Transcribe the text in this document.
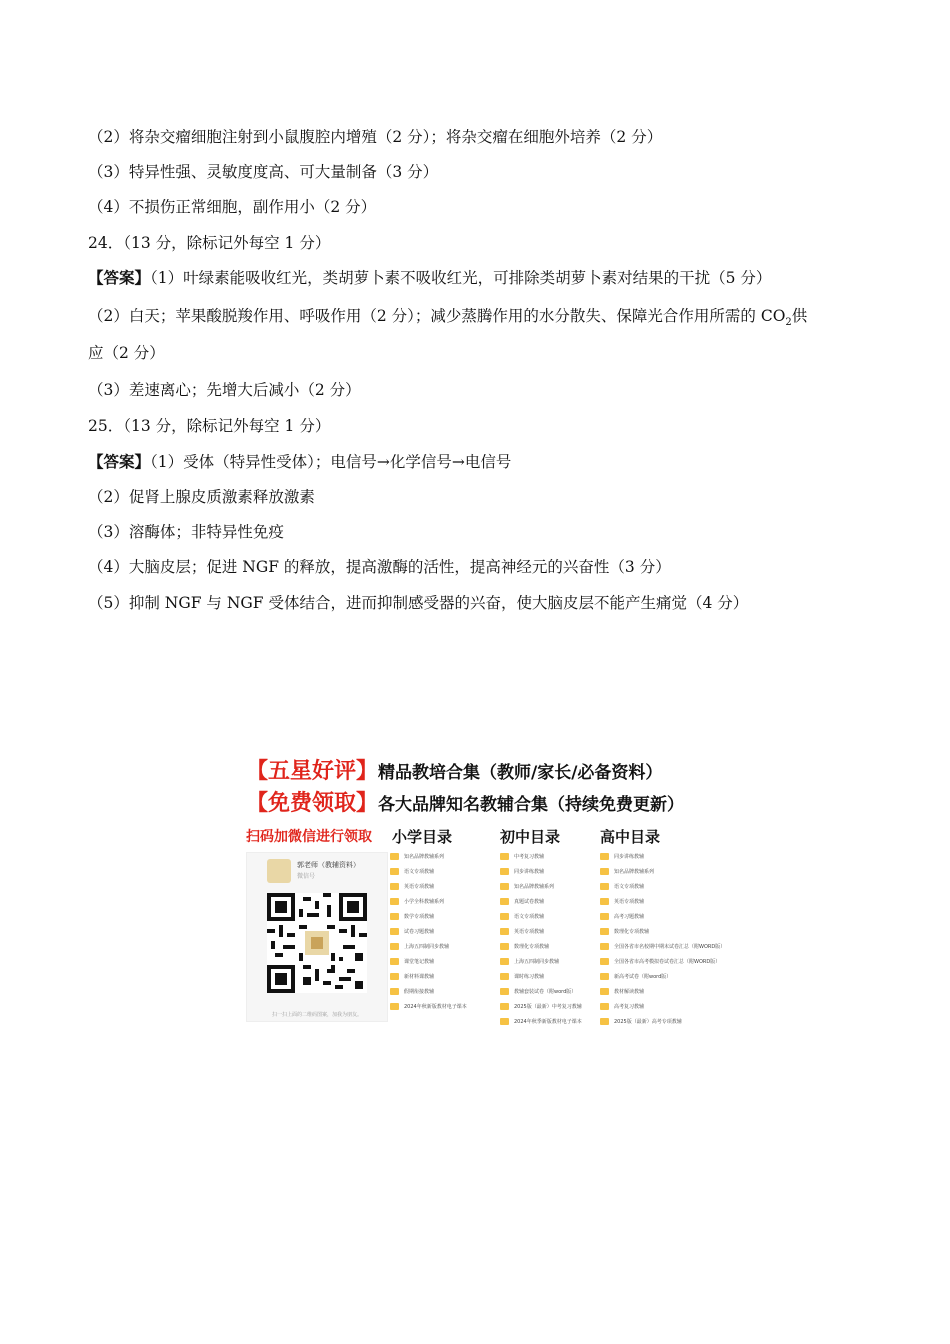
（2）将杂交瘤细胞注射到小鼠腹腔内增殖（2 分）；将杂交瘤在细胞外培养（2 分）
（3）特异性强、灵敏度度高、可大量制备（3 分）
（4）不损伤正常细胞，副作用小（2 分）
24．（13 分，除标记外每空 1 分）
【答案】（1）叶绿素能吸收红光，类胡萝卜素不吸收红光，可排除类胡萝卜素对结果的干扰（5 分）
（2）白天；苹果酸脱羧作用、呼吸作用（2 分）；减少蒸腾作用的水分散失、保障光合作用所需的 $CO_2$供
应（2 分）
（3）差速离心；先增大后减小（2 分）
25．（13 分，除标记外每空 1 分）
【答案】（1）受体（特异性受体）；电信号→化学信号→电信号
（2）促肾上腺皮质激素释放激素
（3）溶酶体；非特异性免疫
（4）大脑皮层；促进 NGF 的释放，提高激酶的活性，提高神经元的兴奋性（3 分）
（5）抑制 NGF 与 NGF 受体结合，进而抑制感受器的兴奋，使大脑皮层不能产生痛觉（4 分）
【五星好评】精品教培合集（教师/家长/必备资料）
【免费领取】各大品牌知名教辅合集（持续免费更新）
扫码加微信进行领取 小学目录	初中目录	高中目录
郭老师（教辅资料）
微信号
扫一扫上面的二维码图案，加我为朋友。
知名品牌教辅系列
语文专项教辅
英语专项教辅
小学全科教辅系列
数学专项教辅
试卷习题教辅
上海五四制同步教辅
课堂笔记教辅
新材料课教辅
假期衔接教辅
2024年秋新版教材电子课本
中考复习教辅
同步讲练教辅
知名品牌教辅系列
真题试卷教辅
语文专项教辅
英语专项教辅
数理化专项教辅
上海五四制同步教辅
课时练习教辅
教辅套装试卷（附word版）
2025版（最新）中考复习教辅
2024年秋季新版教材电子课本
同步讲练教辅
知名品牌教辅系列
语文专项教辅
英语专项教辅
高考习题教辅
数理化专项教辅
全国各省市名校期中期末试卷汇总（附WORD版）
全国各省市高考模拟卷试卷汇总（附WORD版）
新高考试卷（附word版）
教材解读教辅
高考复习教辅
2025版（最新）高考专项教辅
